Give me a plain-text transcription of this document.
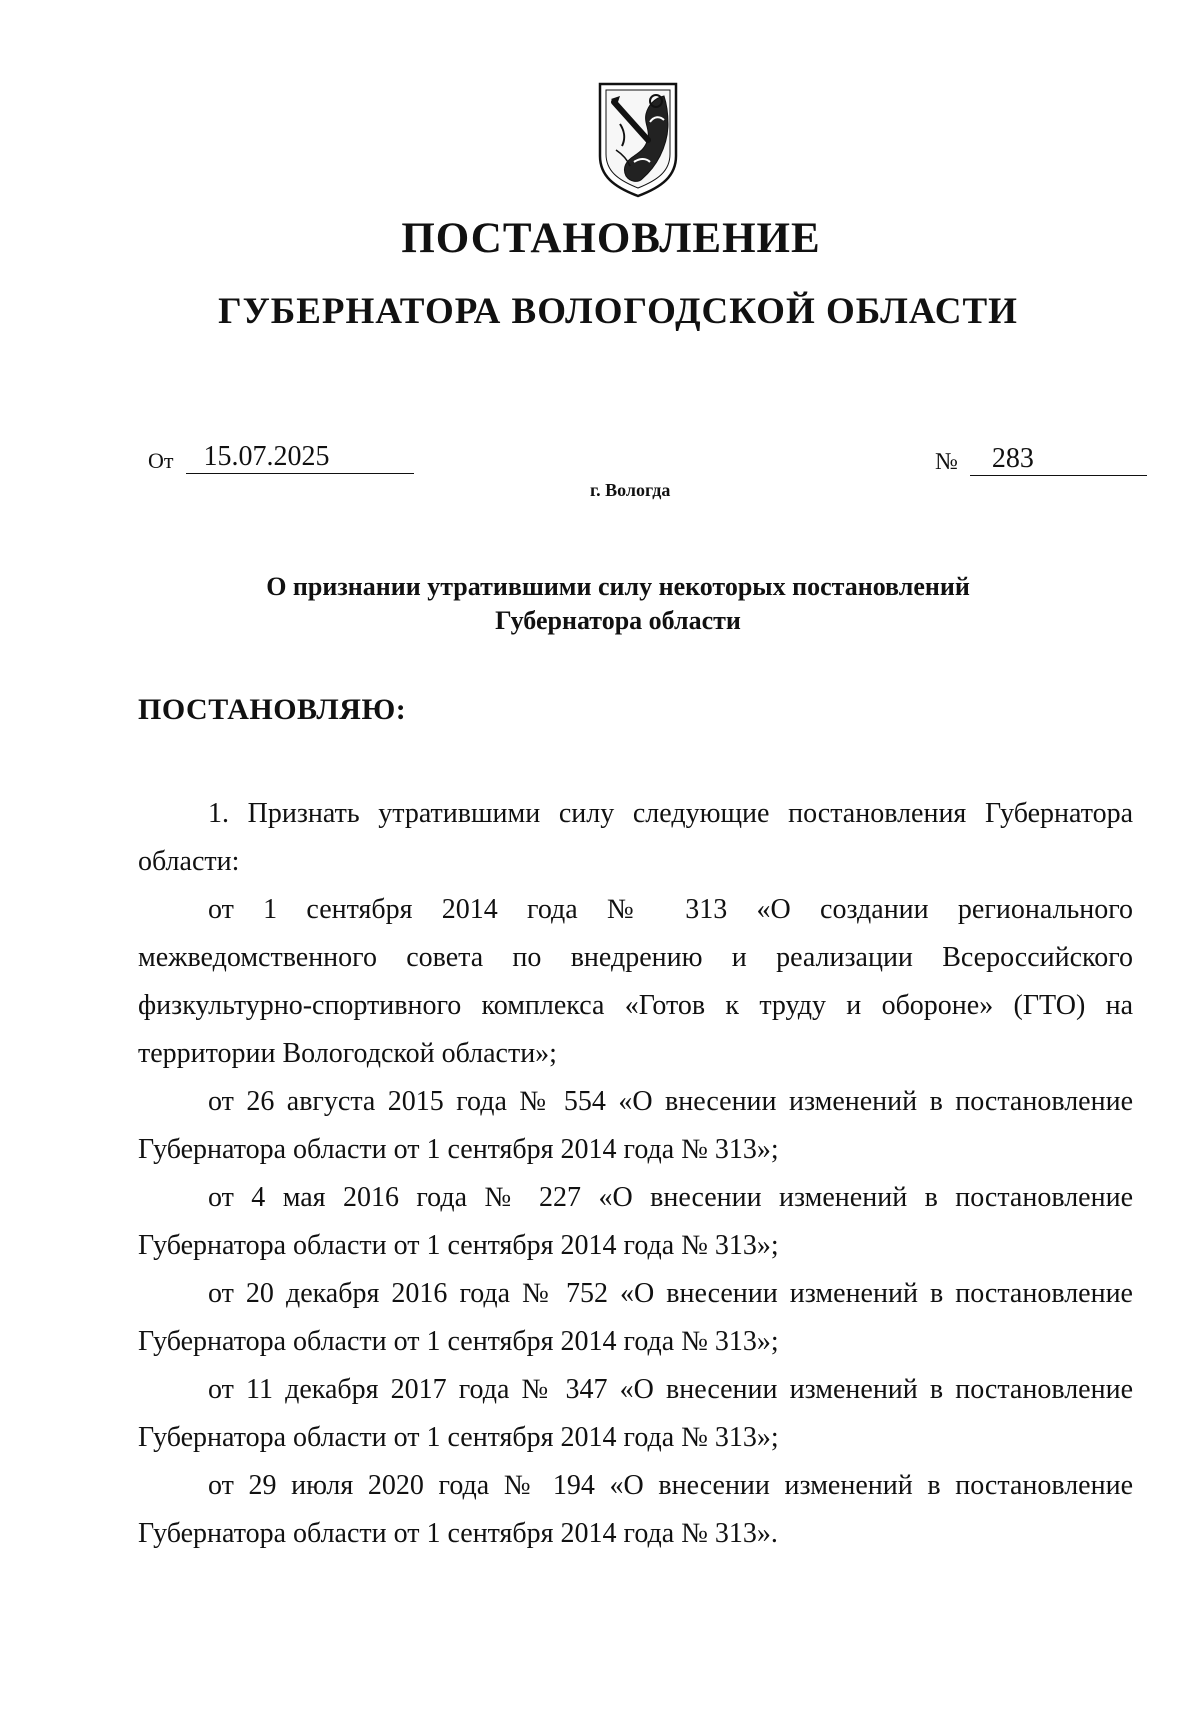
ПОСТАНОВЛЕНИЕ
ГУБЕРНАТОРА ВОЛОГОДСКОЙ ОБЛАСТИ
От	15.07.2025	№	283
г. Вологда
О признании утратившими силу некоторых постановлений
Губернатора области
ПОСТАНОВЛЯЮ:

1. Признать утратившими силу следующие постановления Губернатора области:

от 1 сентября 2014 года № 313 «О создании регионального межведомственного совета по внедрению и реализации Всероссийского физкультурно-спортивного комплекса «Готов к труду и обороне» (ГТО) на территории Вологодской области»;

от 26 августа 2015 года № 554 «О внесении изменений в постановление Губернатора области от 1 сентября 2014 года № 313»;

от 4 мая 2016 года № 227 «О внесении изменений в постановление Губернатора области от 1 сентября 2014 года № 313»;

от 20 декабря 2016 года № 752 «О внесении изменений в постановление Губернатора области от 1 сентября 2014 года № 313»;

от 11 декабря 2017 года № 347 «О внесении изменений в постановление Губернатора области от 1 сентября 2014 года № 313»;

от 29 июля 2020 года № 194 «О внесении изменений в постановление Губернатора области от 1 сентября 2014 года № 313».
